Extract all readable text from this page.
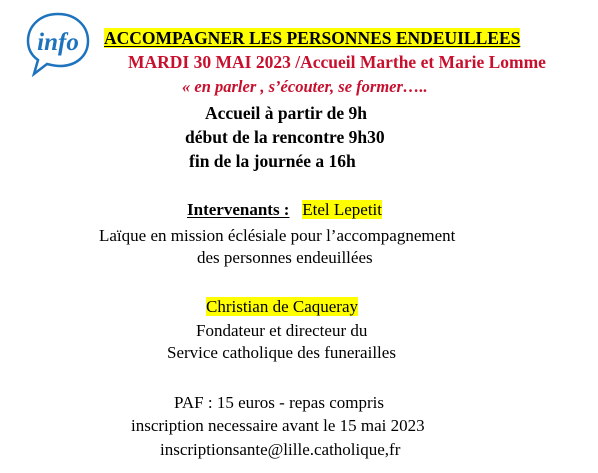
info ACCOMPAGNER LES PERSONNES ENDEUILLEES
MARDI 30 MAI 2023 /Accueil Marthe et Marie Lomme
« en parler , s’écouter, se former…..
Accueil à partir de 9h
début de la rencontre 9h30
fin de la journée a 16h
Intervenants : Etel Lepetit
Laïque en mission éclésiale pour l’accompagnement
des personnes endeuillées
Christian de Caqueray
Fondateur et directeur du
Service catholique des funerailles
PAF : 15 euros - repas compris
inscription necessaire avant le 15 mai 2023
inscriptionsante@lille.catholique,fr
